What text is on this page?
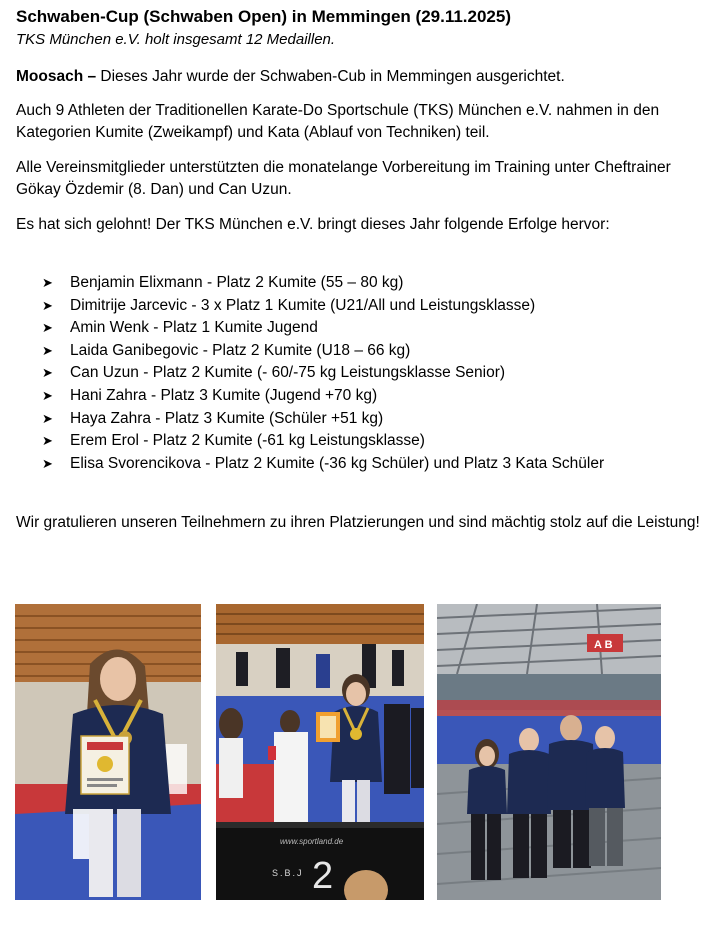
Schwaben-Cup (Schwaben Open) in Memmingen (29.11.2025)
TKS München e.V. holt insgesamt 12 Medaillen.
Moosach – Dieses Jahr wurde der Schwaben-Cub in Memmingen ausgerichtet.
Auch 9 Athleten der Traditionellen Karate-Do Sportschule (TKS) München e.V. nahmen in den Kategorien Kumite (Zweikampf) und Kata (Ablauf von Techniken) teil.
Alle Vereinsmitglieder unterstützten die monatelange Vorbereitung im Training unter Cheftrainer Gökay Özdemir (8. Dan) und Can Uzun.
Es hat sich gelohnt! Der TKS München e.V. bringt dieses Jahr folgende Erfolge hervor:
➤ Benjamin Elixmann - Platz 2 Kumite (55 – 80 kg)
➤ Dimitrije Jarcevic - 3 x Platz 1 Kumite (U21/All und Leistungsklasse)
➤ Amin Wenk - Platz 1 Kumite Jugend
➤ Laida Ganibegovic - Platz 2 Kumite (U18 – 66 kg)
➤ Can Uzun - Platz 2 Kumite (- 60/-75 kg Leistungsklasse Senior)
➤ Hani Zahra - Platz 3 Kumite (Jugend +70 kg)
➤ Haya Zahra - Platz 3 Kumite (Schüler +51 kg)
➤ Erem Erol - Platz 2 Kumite (-61 kg Leistungsklasse)
➤ Elisa Svorencikova - Platz 2 Kumite (-36 kg Schüler) und Platz 3 Kata Schüler
Wir gratulieren unseren Teilnehmern zu ihren Platzierungen und sind mächtig stolz auf die Leistung!
www.sportland.de
S.B.J 2
A B
